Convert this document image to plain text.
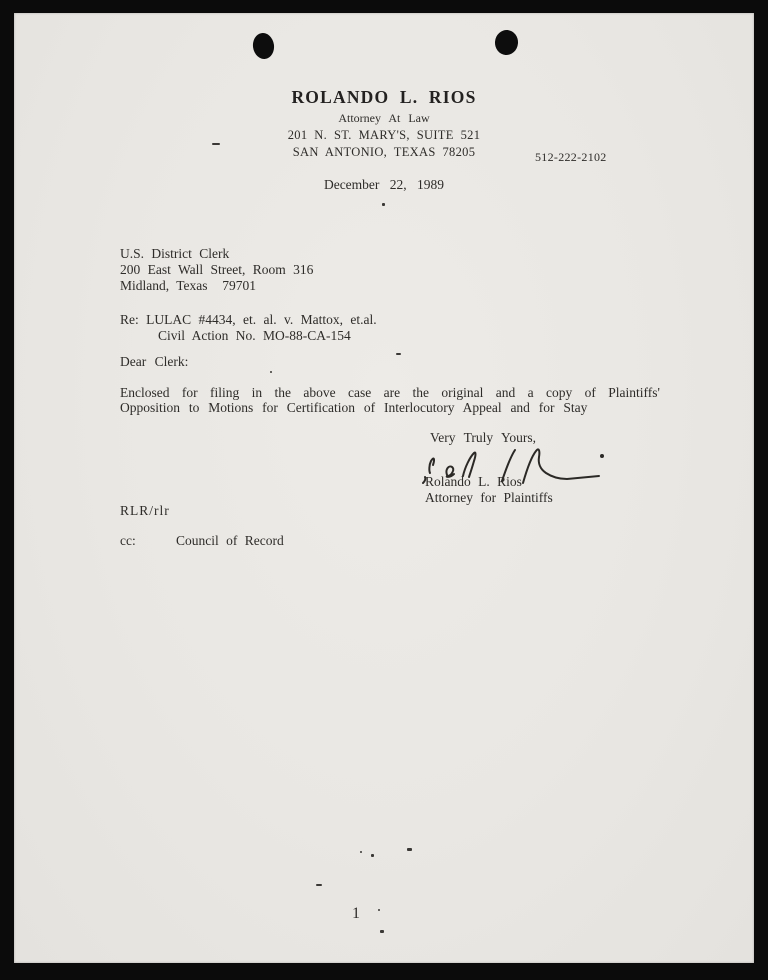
ROLANDO L. RIOS
Attorney At Law
201 N. ST. MARY'S, SUITE 521
SAN ANTONIO, TEXAS 78205	512-222-2102
December 22, 1989
U.S. District Clerk
200 East Wall Street, Room 316
Midland, Texas  79701
Re: LULAC #4434, et. al. v. Mattox, et.al.
Civil Action No. MO-88-CA-154
Dear Clerk:
Enclosed for filing in the above case are the original and a copy of Plaintiffs' Opposition to Motions for Certification of Interlocutory Appeal and for Stay
Very Truly Yours,
Rolando L. Rios
Attorney for Plaintiffs
RLR/rlr
cc:	Council of Record
1
